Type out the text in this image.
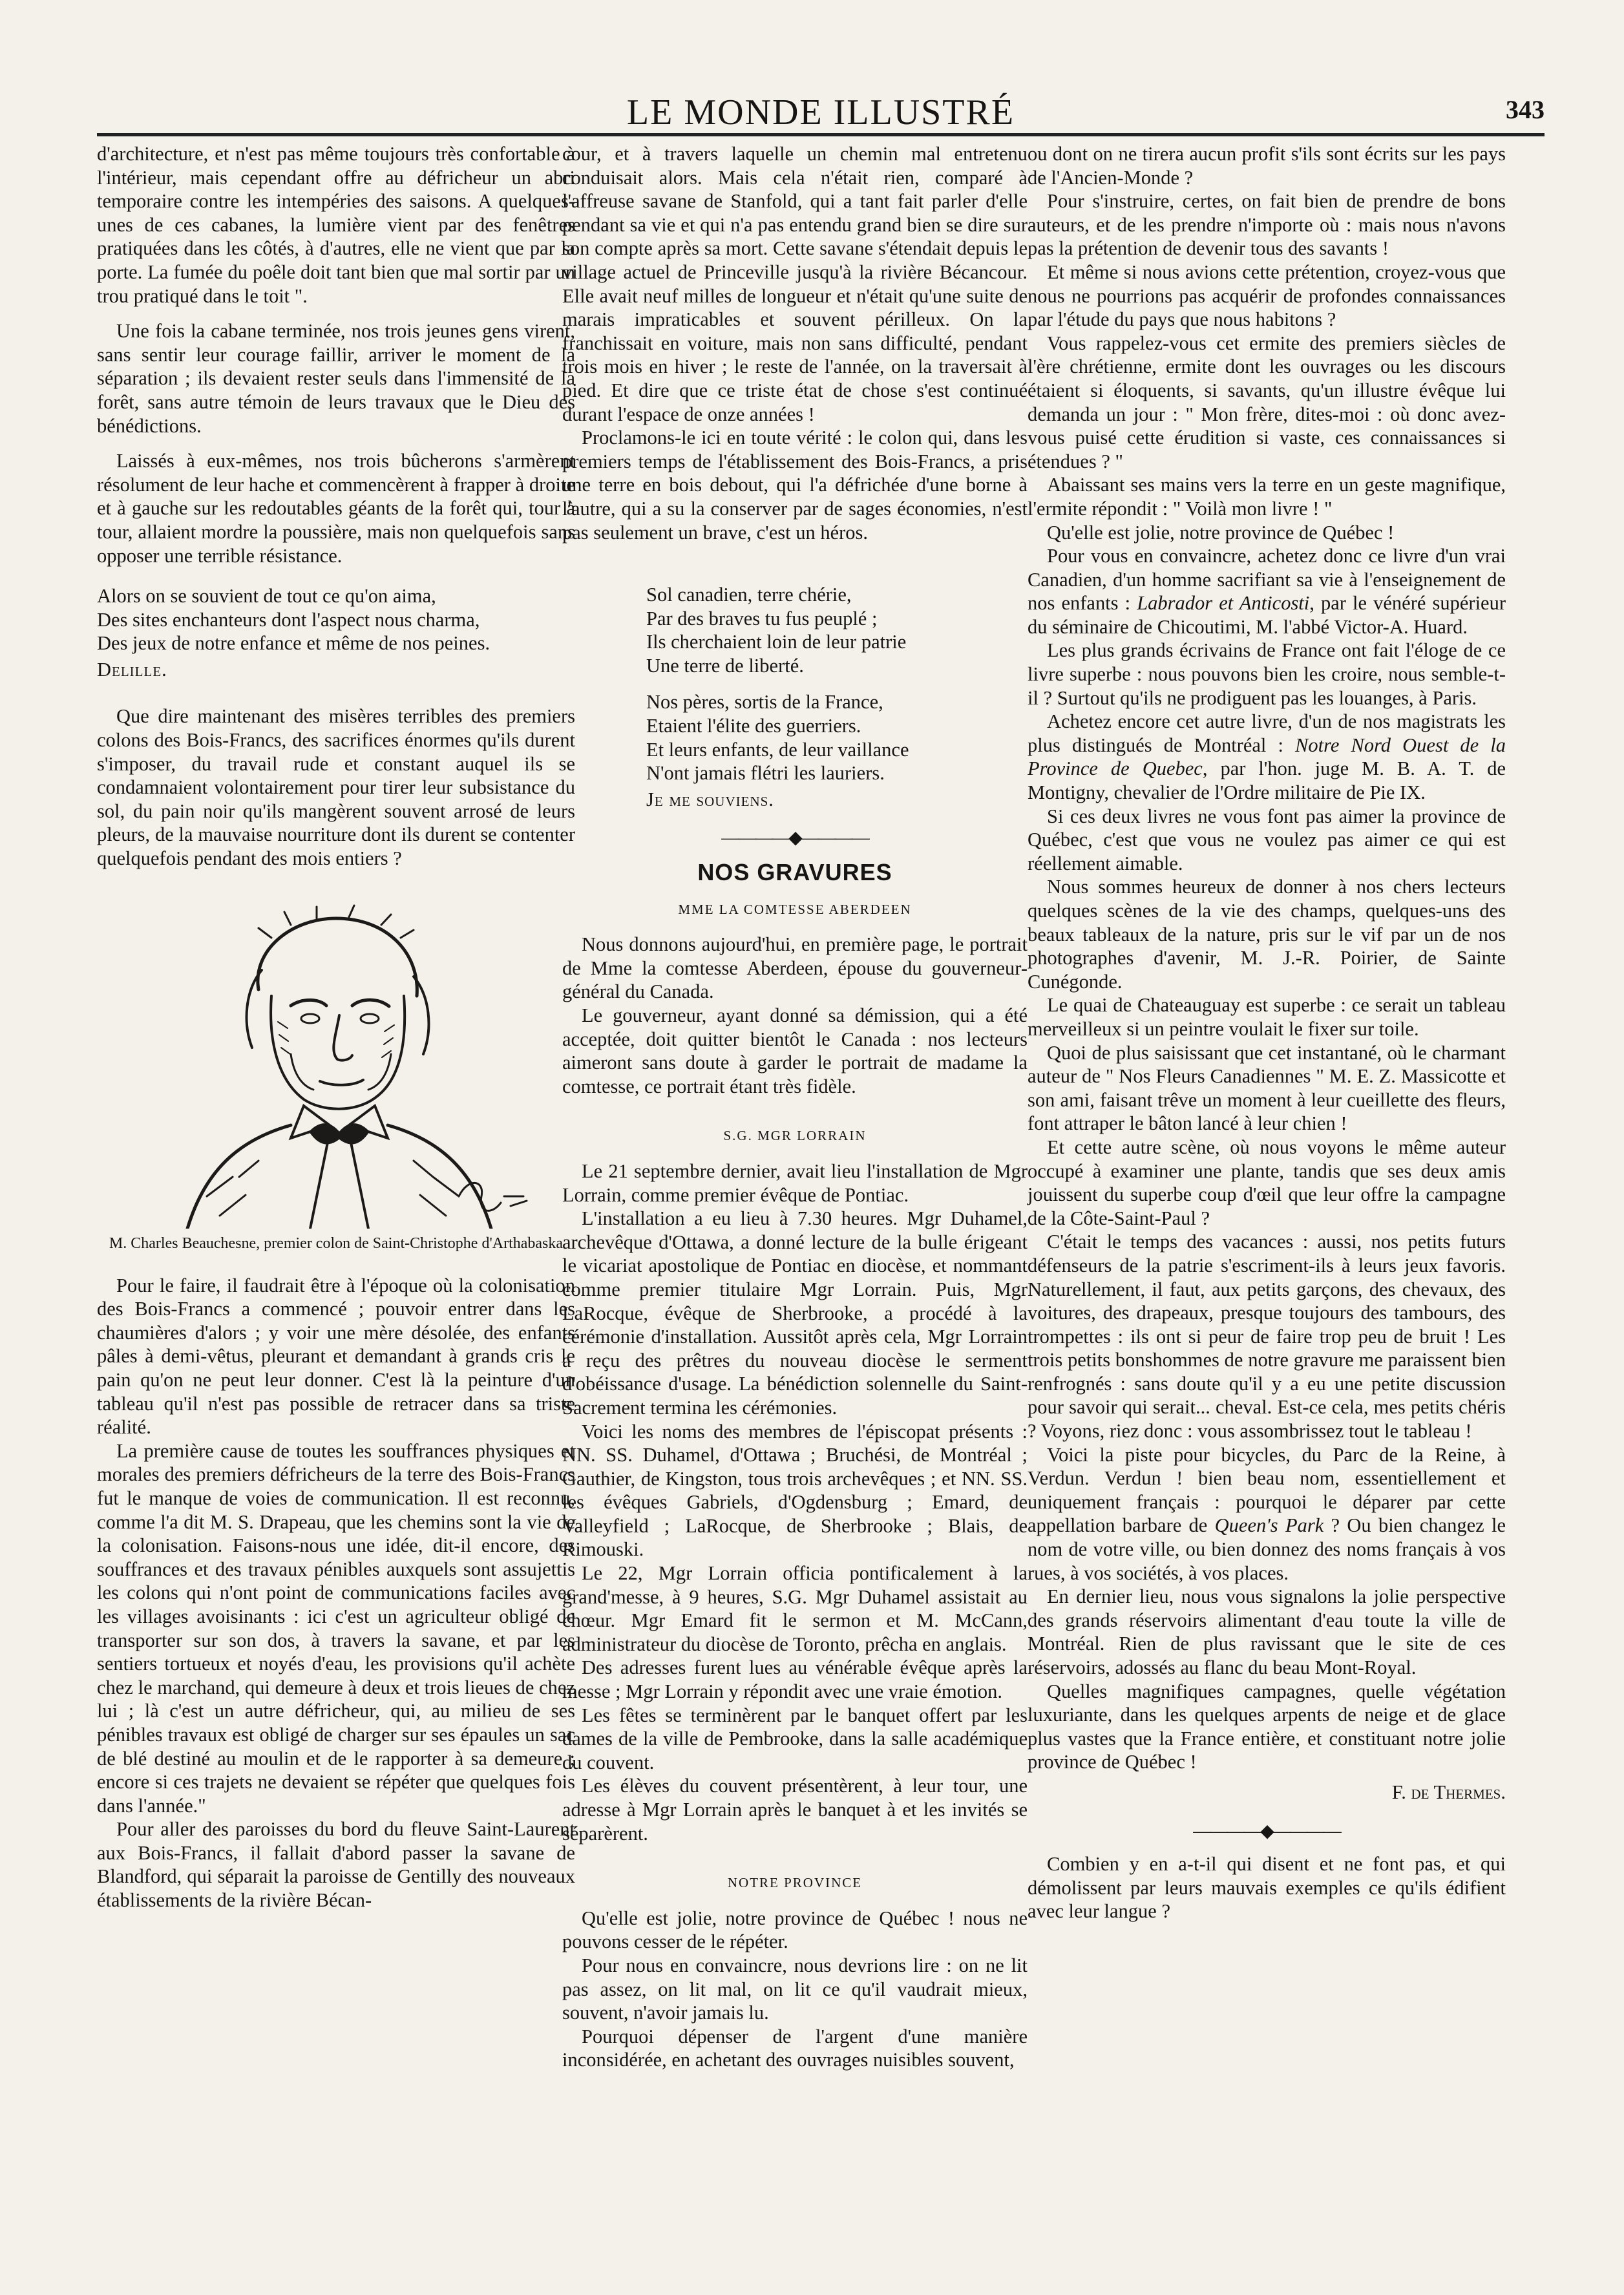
LE MONDE ILLUSTRÉ	343

d'architecture, et n'est pas même toujours très confortable à l'intérieur, mais cependant offre au défricheur un abri temporaire contre les intempéries des saisons. A quelques-unes de ces cabanes, la lumière vient par des fenêtres pratiquées dans les côtés, à d'autres, elle ne vient que par la porte. La fumée du poêle doit tant bien que mal sortir par un trou pratiqué dans le toit ".

Une fois la cabane terminée, nos trois jeunes gens virent, sans sentir leur courage faillir, arriver le moment de la séparation ; ils devaient rester seuls dans l'immensité de la forêt, sans autre témoin de leurs travaux que le Dieu des bénédictions.

Laissés à eux-mêmes, nos trois bûcherons s'armèrent résolument de leur hache et commencèrent à frapper à droite et à gauche sur les redoutables géants de la forêt qui, tour à tour, allaient mordre la poussière, mais non quelquefois sans opposer une terrible résistance.

Alors on se souvient de tout ce qu'on aima,
Des sites enchanteurs dont l'aspect nous charma,
Des jeux de notre enfance et même de nos peines.
Delille.

Que dire maintenant des misères terribles des premiers colons des Bois-Francs, des sacrifices énormes qu'ils durent s'imposer, du travail rude et constant auquel ils se condamnaient volontairement pour tirer leur subsistance du sol, du pain noir qu'ils mangèrent souvent arrosé de leurs pleurs, de la mauvaise nourriture dont ils durent se contenter quelquefois pendant des mois entiers ?

M. Charles Beauchesne, premier colon de Saint-Christophe d'Arthabaska

Pour le faire, il faudrait être à l'époque où la colonisation des Bois-Francs a commencé ; pouvoir entrer dans les chaumières d'alors ; y voir une mère désolée, des enfants pâles à demi-vêtus, pleurant et demandant à grands cris le pain qu'on ne peut leur donner. C'est là la peinture d'un tableau qu'il n'est pas possible de retracer dans sa triste réalité.

La première cause de toutes les souffrances physiques et morales des premiers défricheurs de la terre des Bois-Francs fut le manque de voies de communication. Il est reconnu, comme l'a dit M. S. Drapeau, que les chemins sont la vie de la colonisation. Faisons-nous une idée, dit-il encore, des souffrances et des travaux pénibles auxquels sont assujettis les colons qui n'ont point de communications faciles avec les villages avoisinants : ici c'est un agriculteur obligé de transporter sur son dos, à travers la savane, et par les sentiers tortueux et noyés d'eau, les provisions qu'il achète chez le marchand, qui demeure à deux et trois lieues de chez lui ; là c'est un autre défricheur, qui, au milieu de ses pénibles travaux est obligé de charger sur ses épaules un sac de blé destiné au moulin et de le rapporter à sa demeure ; encore si ces trajets ne devaient se répéter que quelques fois dans l'année."

Pour aller des paroisses du bord du fleuve Saint-Laurent aux Bois-Francs, il fallait d'abord passer la savane de Blandford, qui séparait la paroisse de Gentilly des nouveaux établissements de la rivière Bécan-

cour, et à travers laquelle un chemin mal entretenu conduisait alors. Mais cela n'était rien, comparé à l'affreuse savane de Stanfold, qui a tant fait parler d'elle pendant sa vie et qui n'a pas entendu grand bien se dire sur son compte après sa mort. Cette savane s'étendait depuis le village actuel de Princeville jusqu'à la rivière Bécancour. Elle avait neuf milles de longueur et n'était qu'une suite de marais impraticables et souvent périlleux. On la franchissait en voiture, mais non sans difficulté, pendant trois mois en hiver ; le reste de l'année, on la traversait à pied. Et dire que ce triste état de chose s'est continué durant l'espace de onze années !

Proclamons-le ici en toute vérité : le colon qui, dans les premiers temps de l'établissement des Bois-Francs, a pris une terre en bois debout, qui l'a défrichée d'une borne à l'autre, qui a su la conserver par de sages économies, n'est pas seulement un brave, c'est un héros.

Sol canadien, terre chérie,
Par des braves tu fus peuplé ;
Ils cherchaient loin de leur patrie
Une terre de liberté.
Nos pères, sortis de la France,
Etaient l'élite des guerriers.
Et leurs enfants, de leur vaillance
N'ont jamais flétri les lauriers.
Je me souviens.
————◆————
NOS GRAVURES
MME LA COMTESSE ABERDEEN

Nous donnons aujourd'hui, en première page, le portrait de Mme la comtesse Aberdeen, épouse du gouverneur-général du Canada.

Le gouverneur, ayant donné sa démission, qui a été acceptée, doit quitter bientôt le Canada : nos lecteurs aimeront sans doute à garder le portrait de madame la comtesse, ce portrait étant très fidèle.

S.G. MGR LORRAIN

Le 21 septembre dernier, avait lieu l'installation de Mgr Lorrain, comme premier évêque de Pontiac.

L'installation a eu lieu à 7.30 heures. Mgr Duhamel, archevêque d'Ottawa, a donné lecture de la bulle érigeant le vicariat apostolique de Pontiac en diocèse, et nommant comme premier titulaire Mgr Lorrain. Puis, Mgr LaRocque, évêque de Sherbrooke, a procédé à la cérémonie d'installation. Aussitôt après cela, Mgr Lorrain a reçu des prêtres du nouveau diocèse le serment d'obéissance d'usage. La bénédiction solennelle du Saint-Sacrement termina les cérémonies.

Voici les noms des membres de l'épiscopat présents : NN. SS. Duhamel, d'Ottawa ; Bruchési, de Montréal ; Gauthier, de Kingston, tous trois archevêques ; et NN. SS. les évêques Gabriels, d'Ogdensburg ; Emard, de Valleyfield ; LaRocque, de Sherbrooke ; Blais, de Rimouski.

Le 22, Mgr Lorrain officia pontificalement à la grand'messe, à 9 heures, S.G. Mgr Duhamel assistait au chœur. Mgr Emard fit le sermon et M. McCann, administrateur du diocèse de Toronto, prêcha en anglais.

Des adresses furent lues au vénérable évêque après la messe ; Mgr Lorrain y répondit avec une vraie émotion.

Les fêtes se terminèrent par le banquet offert par les dames de la ville de Pembrooke, dans la salle académique du couvent.

Les élèves du couvent présentèrent, à leur tour, une adresse à Mgr Lorrain après le banquet à et les invités se séparèrent.

NOTRE PROVINCE

Qu'elle est jolie, notre province de Québec ! nous ne pouvons cesser de le répéter.

Pour nous en convaincre, nous devrions lire : on ne lit pas assez, on lit mal, on lit ce qu'il vaudrait mieux, souvent, n'avoir jamais lu.

Pourquoi dépenser de l'argent d'une manière inconsidérée, en achetant des ouvrages nuisibles souvent,

ou dont on ne tirera aucun profit s'ils sont écrits sur les pays de l'Ancien-Monde ?

Pour s'instruire, certes, on fait bien de prendre de bons auteurs, et de les prendre n'importe où : mais nous n'avons pas la prétention de devenir tous des savants !

Et même si nous avions cette prétention, croyez-vous que nous ne pourrions pas acquérir de profondes connaissances par l'étude du pays que nous habitons ?

Vous rappelez-vous cet ermite des premiers siècles de l'ère chrétienne, ermite dont les ouvrages ou les discours étaient si éloquents, si savants, qu'un illustre évêque lui demanda un jour : " Mon frère, dites-moi : où donc avez-vous puisé cette érudition si vaste, ces connaissances si étendues ? "

Abaissant ses mains vers la terre en un geste magnifique, l'ermite répondit : " Voilà mon livre ! "

Qu'elle est jolie, notre province de Québec !

Pour vous en convaincre, achetez donc ce livre d'un vrai Canadien, d'un homme sacrifiant sa vie à l'enseignement de nos enfants : Labrador et Anticosti, par le vénéré supérieur du séminaire de Chicoutimi, M. l'abbé Victor-A. Huard.

Les plus grands écrivains de France ont fait l'éloge de ce livre superbe : nous pouvons bien les croire, nous semble-t-il ? Surtout qu'ils ne prodiguent pas les louanges, à Paris.

Achetez encore cet autre livre, d'un de nos magistrats les plus distingués de Montréal : Notre Nord Ouest de la Province de Quebec, par l'hon. juge M. B. A. T. de Montigny, chevalier de l'Ordre militaire de Pie IX.

Si ces deux livres ne vous font pas aimer la province de Québec, c'est que vous ne voulez pas aimer ce qui est réellement aimable.

Nous sommes heureux de donner à nos chers lecteurs quelques scènes de la vie des champs, quelques-uns des beaux tableaux de la nature, pris sur le vif par un de nos photographes d'avenir, M. J.-R. Poirier, de Sainte Cunégonde.

Le quai de Chateauguay est superbe : ce serait un tableau merveilleux si un peintre voulait le fixer sur toile.

Quoi de plus saisissant que cet instantané, où le charmant auteur de " Nos Fleurs Canadiennes " M. E. Z. Massicotte et son ami, faisant trêve un moment à leur cueillette des fleurs, font attraper le bâton lancé à leur chien !

Et cette autre scène, où nous voyons le même auteur occupé à examiner une plante, tandis que ses deux amis jouissent du superbe coup d'œil que leur offre la campagne de la Côte-Saint-Paul ?

C'était le temps des vacances : aussi, nos petits futurs défenseurs de la patrie s'escriment-ils à leurs jeux favoris. Naturellement, il faut, aux petits garçons, des chevaux, des voitures, des drapeaux, presque toujours des tambours, des trompettes : ils ont si peur de faire trop peu de bruit ! Les trois petits bonshommes de notre gravure me paraissent bien renfrognés : sans doute qu'il y a eu une petite discussion pour savoir qui serait... cheval. Est-ce cela, mes petits chéris ? Voyons, riez donc : vous assombrissez tout le tableau !

Voici la piste pour bicycles, du Parc de la Reine, à Verdun. Verdun ! bien beau nom, essentiellement et uniquement français : pourquoi le déparer par cette appellation barbare de Queen's Park ? Ou bien changez le nom de votre ville, ou bien donnez des noms français à vos rues, à vos sociétés, à vos places.

En dernier lieu, nous vous signalons la jolie perspective des grands réservoirs alimentant d'eau toute la ville de Montréal. Rien de plus ravissant que le site de ces réservoirs, adossés au flanc du beau Mont-Royal.

Quelles magnifiques campagnes, quelle végétation luxuriante, dans les quelques arpents de neige et de glace plus vastes que la France entière, et constituant notre jolie province de Québec !

F. de Thermes.
————◆————

Combien y en a-t-il qui disent et ne font pas, et qui démolissent par leurs mauvais exemples ce qu'ils édifient avec leur langue ?
